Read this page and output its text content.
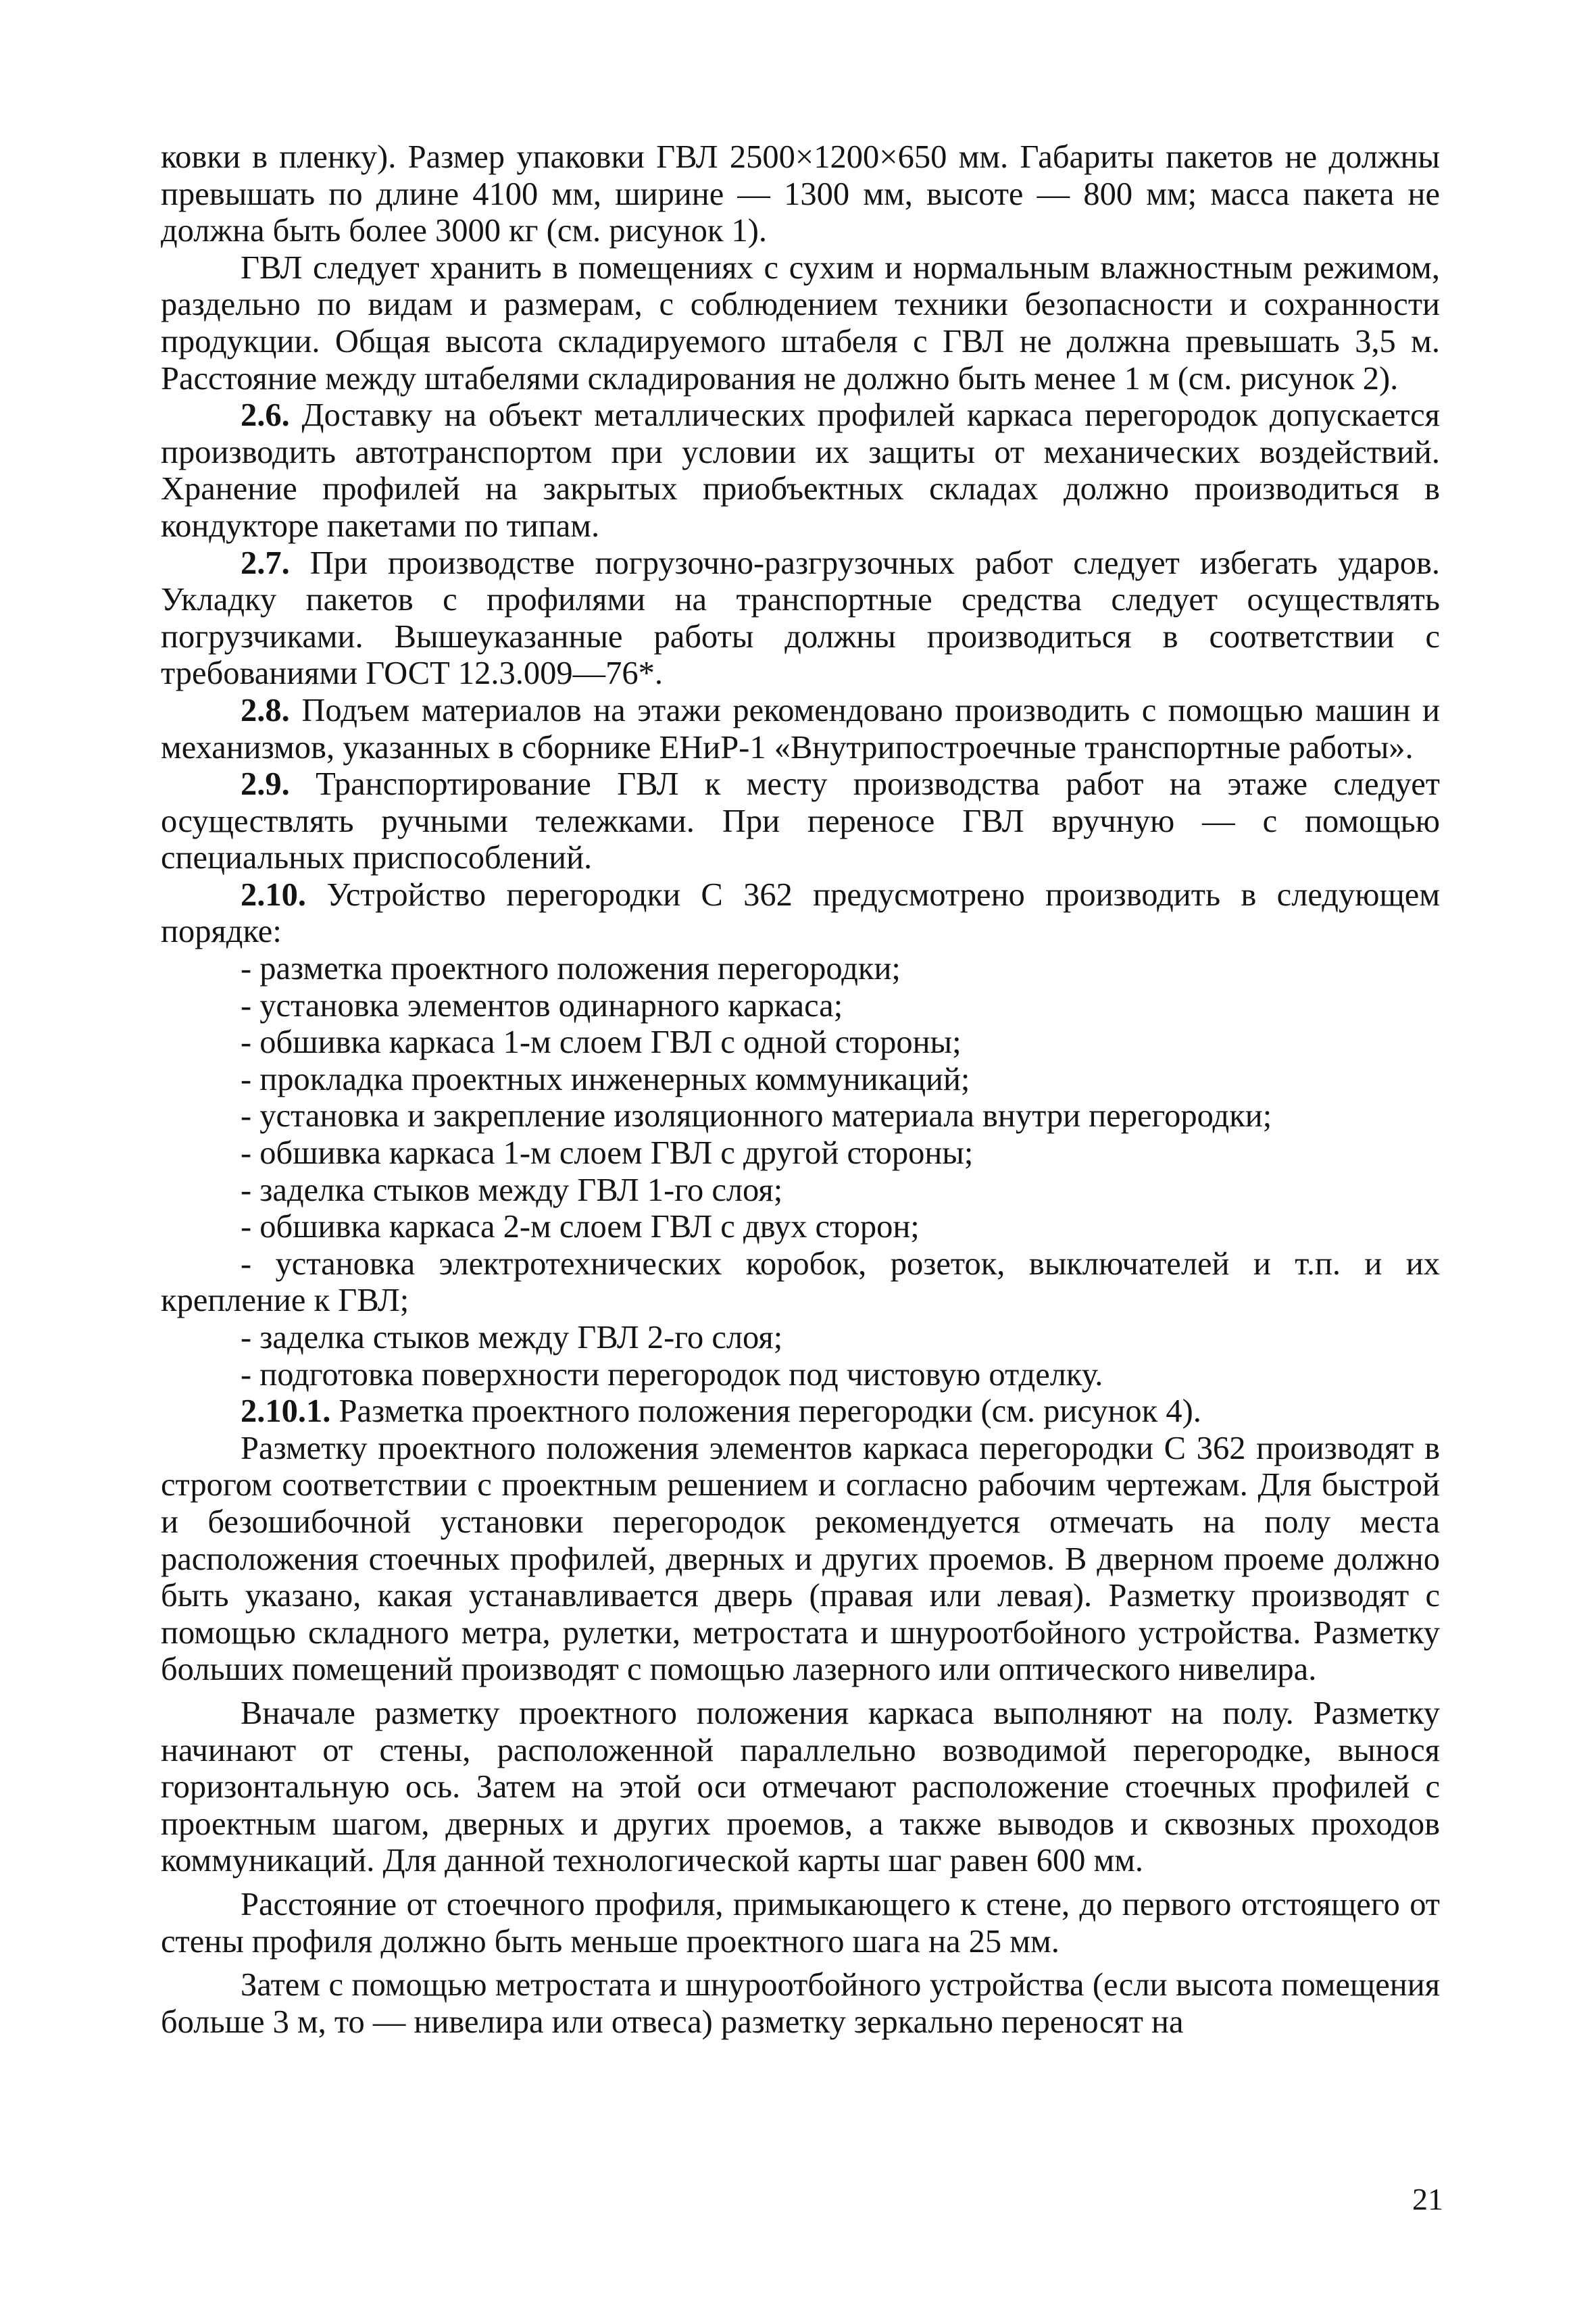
ковки в пленку). Размер упаковки ГВЛ 2500×1200×650 мм. Габариты пакетов не должны превышать по длине 4100 мм, ширине — 1300 мм, высоте — 800 мм; масса пакета не должна быть более 3000 кг (см. рисунок 1).

ГВЛ следует хранить в помещениях с сухим и нормальным влажностным режимом, раздельно по видам и размерам, с соблюдением техники безопасности и сохранности продукции. Общая высота складируемого штабеля с ГВЛ не должна превышать 3,5 м. Расстояние между штабелями складирования не должно быть менее 1 м (см. рисунок 2).

2.6. Доставку на объект металлических профилей каркаса перегородок допускается производить автотранспортом при условии их защиты от механических воздействий. Хранение профилей на закрытых приобъектных складах должно производиться в кондукторе пакетами по типам.

2.7. При производстве погрузочно-разгрузочных работ следует избегать ударов. Укладку пакетов с профилями на транспортные средства следует осуществлять погрузчиками. Вышеуказанные работы должны производиться в соответствии с требованиями ГОСТ 12.3.009—76*.

2.8. Подъем материалов на этажи рекомендовано производить с помощью машин и механизмов, указанных в сборнике ЕНиР-1 «Внутрипостроечные транспортные работы».

2.9. Транспортирование ГВЛ к месту производства работ на этаже следует осуществлять ручными тележками. При переносе ГВЛ вручную — с помощью специальных приспособлений.

2.10. Устройство перегородки С 362 предусмотрено производить в следующем порядке:

- разметка проектного положения перегородки;

- установка элементов одинарного каркаса;

- обшивка каркаса 1-м слоем ГВЛ с одной стороны;

- прокладка проектных инженерных коммуникаций;

- установка и закрепление изоляционного материала внутри перегородки;

- обшивка каркаса 1-м слоем ГВЛ с другой стороны;

- заделка стыков между ГВЛ 1-го слоя;

- обшивка каркаса 2-м слоем ГВЛ с двух сторон;

- установка электротехнических коробок, розеток, выключателей и т.п. и их крепление к ГВЛ;

- заделка стыков между ГВЛ 2-го слоя;

- подготовка поверхности перегородок под чистовую отделку.

2.10.1. Разметка проектного положения перегородки (см. рисунок 4).

Разметку проектного положения элементов каркаса перегородки С 362 производят в строгом соответствии с проектным решением и согласно рабочим чертежам. Для быстрой и безошибочной установки перегородок рекомендуется отмечать на полу места расположения стоечных профилей, дверных и других проемов. В дверном проеме должно быть указано, какая устанавливается дверь (правая или левая). Разметку производят с помощью складного метра, рулетки, метростата и шнуроотбойного устройства. Разметку больших помещений производят с помощью лазерного или оптического нивелира.

Вначале разметку проектного положения каркаса выполняют на полу. Разметку начинают от стены, расположенной параллельно возводимой перегородке, вынося горизонтальную ось. Затем на этой оси отмечают расположение стоечных профилей с проектным шагом, дверных и других проемов, а также выводов и сквозных проходов коммуникаций. Для данной технологической карты шаг равен 600 мм.

Расстояние от стоечного профиля, примыкающего к стене, до первого отстоящего от стены профиля должно быть меньше проектного шага на 25 мм.

Затем с помощью метростата и шнуроотбойного устройства (если высота помещения больше 3 м, то — нивелира или отвеса) разметку зеркально переносят на

21
